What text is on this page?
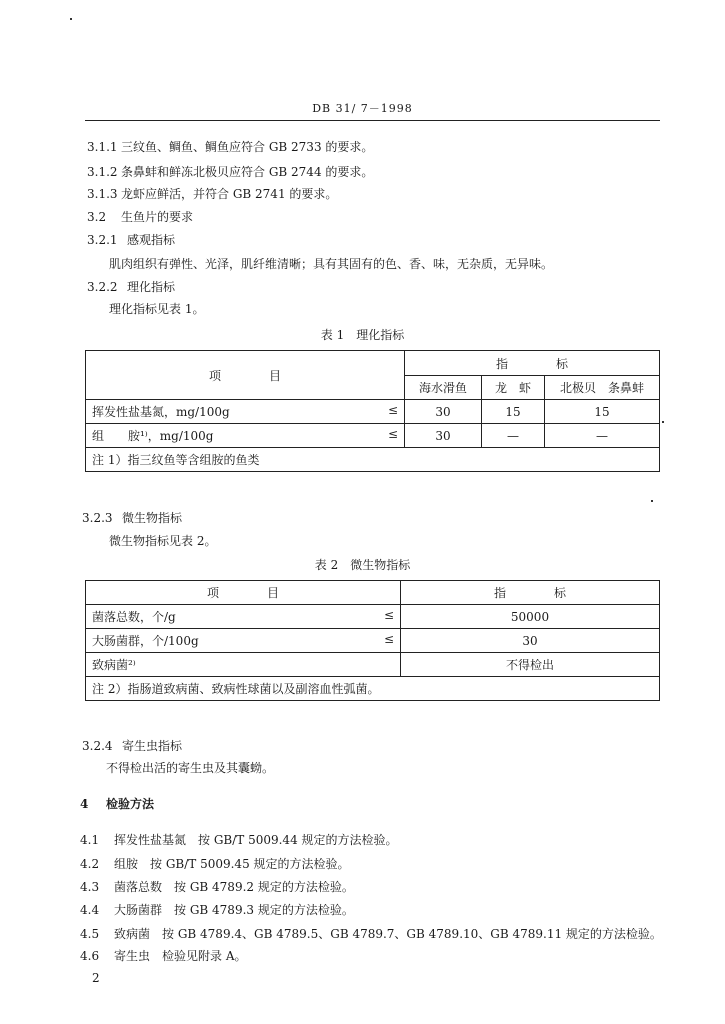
DB 31/ 7－1998
3.1.1 三纹鱼、鲷鱼、鲷鱼应符合 GB 2733 的要求。
3.1.2 条鼻蚌和鲜冻北极贝应符合 GB 2744 的要求。
3.1.3 龙虾应鲜活，并符合 GB 2741 的要求。
3.2 生鱼片的要求
3.2.1 感观指标
肌肉组织有弹性、光泽，肌纤维清晰；具有其固有的色、香、味，无杂质，无异味。
3.2.2 理化指标
理化指标见表 1。
表 1　理化指标
项　　　　目	指　　　　标		
	海水滑鱼	龙　虾	北极贝　条鼻蚌
挥发性盐基氮，mg/100g ≤	30	15	15
组　　胺¹⁾，mg/100g ≤	30	—	—
注 1）指三纹鱼等含组胺的鱼类			
3.2.3 微生物指标
微生物指标见表 2。
表 2　微生物指标
项　　　　目	指　　　　标
菌落总数，个/g ≤	50000
大肠菌群，个/100g ≤	30
致病菌²⁾	不得检出
注 2）指肠道致病菌、致病性球菌以及副溶血性弧菌。	
3.2.4 寄生虫指标
不得检出活的寄生虫及其囊蚴。
4 检验方法
4.1 挥发性盐基氮　按 GB/T 5009.44 规定的方法检验。
4.2 组胺　按 GB/T 5009.45 规定的方法检验。
4.3 菌落总数　按 GB 4789.2 规定的方法检验。
4.4 大肠菌群　按 GB 4789.3 规定的方法检验。
4.5 致病菌　按 GB 4789.4、GB 4789.5、GB 4789.7、GB 4789.10、GB 4789.11 规定的方法检验。
4.6 寄生虫　检验见附录 A。
2
